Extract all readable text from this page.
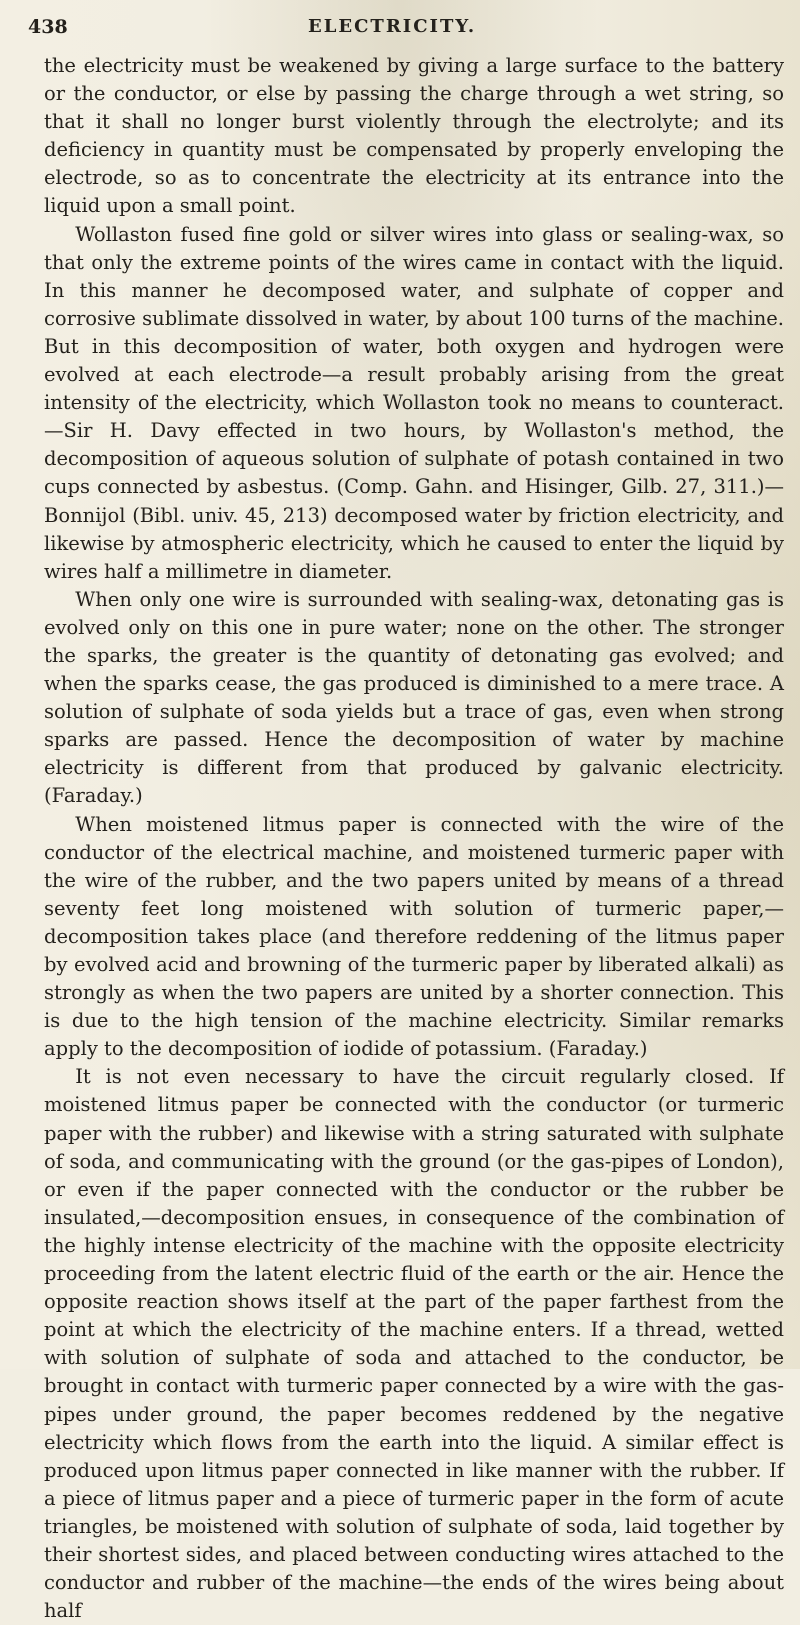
438	ELECTRICITY.

the electricity must be weakened by giving a large surface to the battery or the conductor, or else by passing the charge through a wet string, so that it shall no longer burst violently through the electrolyte; and its deficiency in quantity must be compensated by properly enveloping the electrode, so as to concentrate the electricity at its entrance into the liquid upon a small point.

Wollaston fused fine gold or silver wires into glass or sealing-wax, so that only the extreme points of the wires came in contact with the liquid. In this manner he decomposed water, and sulphate of copper and corrosive sublimate dissolved in water, by about 100 turns of the machine. But in this decomposition of water, both oxygen and hydrogen were evolved at each electrode—a result probably arising from the great intensity of the electricity, which Wollaston took no means to counteract.—Sir H. Davy effected in two hours, by Wollaston's method, the decomposition of aqueous solution of sulphate of potash contained in two cups connected by asbestus. (Comp. Gahn. and Hisinger, Gilb. 27, 311.)—Bonnijol (Bibl. univ. 45, 213) decomposed water by friction electricity, and likewise by atmospheric electricity, which he caused to enter the liquid by wires half a millimetre in diameter.

When only one wire is surrounded with sealing-wax, detonating gas is evolved only on this one in pure water; none on the other. The stronger the sparks, the greater is the quantity of detonating gas evolved; and when the sparks cease, the gas produced is diminished to a mere trace. A solution of sulphate of soda yields but a trace of gas, even when strong sparks are passed. Hence the decomposition of water by machine electricity is different from that produced by galvanic electricity. (Faraday.)

When moistened litmus paper is connected with the wire of the conductor of the electrical machine, and moistened turmeric paper with the wire of the rubber, and the two papers united by means of a thread seventy feet long moistened with solution of turmeric paper,—decomposition takes place (and therefore reddening of the litmus paper by evolved acid and browning of the turmeric paper by liberated alkali) as strongly as when the two papers are united by a shorter connection. This is due to the high tension of the machine electricity. Similar remarks apply to the decomposition of iodide of potassium. (Faraday.)

It is not even necessary to have the circuit regularly closed. If moistened litmus paper be connected with the conductor (or turmeric paper with the rubber) and likewise with a string saturated with sulphate of soda, and communicating with the ground (or the gas-pipes of London), or even if the paper connected with the conductor or the rubber be insulated,—decomposition ensues, in consequence of the combination of the highly intense electricity of the machine with the opposite electricity proceeding from the latent electric fluid of the earth or the air. Hence the opposite reaction shows itself at the part of the paper farthest from the point at which the electricity of the machine enters. If a thread, wetted with solution of sulphate of soda and attached to the conductor, be brought in contact with turmeric paper connected by a wire with the gas-pipes under ground, the paper becomes reddened by the negative electricity which flows from the earth into the liquid. A similar effect is produced upon litmus paper connected in like manner with the rubber. If a piece of litmus paper and a piece of turmeric paper in the form of acute triangles, be moistened with solution of sulphate of soda, laid together by their shortest sides, and placed between conducting wires attached to the conductor and rubber of the machine—the ends of the wires being about half
